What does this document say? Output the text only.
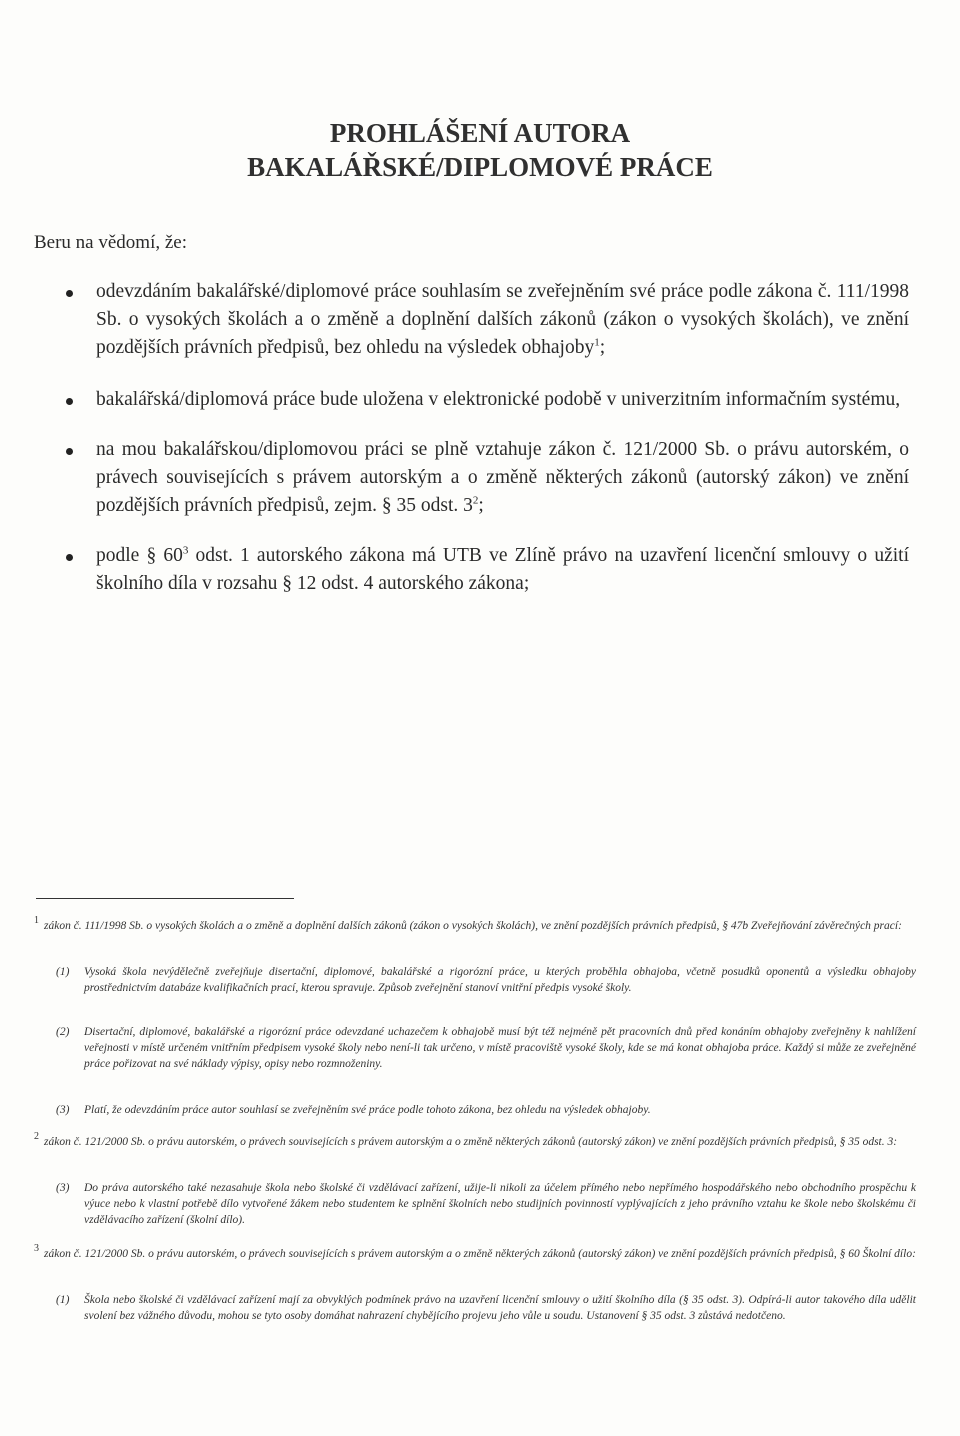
PROHLÁŠENÍ AUTORA
BAKALÁŘSKÉ/DIPLOMOVÉ PRÁCE

Beru na vědomí, že:

odevzdáním bakalářské/diplomové práce souhlasím se zveřejněním své práce podle zákona č. 111/1998 Sb. o vysokých školách a o změně a doplnění dalších zákonů (zákon o vysokých školách), ve znění pozdějších právních předpisů, bez ohledu na výsledek obhajoby$^1$;
bakalářská/diplomová práce bude uložena v elektronické podobě v univerzitním informačním systému,
na mou bakalářskou/diplomovou práci se plně vztahuje zákon č. 121/2000 Sb. o právu autorském, o právech souvisejících s právem autorským a o změně některých zákonů (autorský zákon) ve znění pozdějších právních předpisů, zejm. § 35 odst. $3^2$;
podle § $60^3$ odst. 1 autorského zákona má UTB ve Zlíně právo na uzavření licenční smlouvy o užití školního díla v rozsahu § 12 odst. 4 autorského zákona;
1 zákon č. 111/1998 Sb. o vysokých školách a o změně a doplnění dalších zákonů (zákon o vysokých školách), ve znění pozdějších právních předpisů, § 47b Zveřejňování závěrečných prací:

(1)	Vysoká škola nevýdělečně zveřejňuje disertační, diplomové, bakalářské a rigorózní práce, u kterých proběhla obhajoba, včetně posudků oponentů a výsledku obhajoby prostřednictvím databáze kvalifikačních prací, kterou spravuje. Způsob zveřejnění stanoví vnitřní předpis vysoké školy.
(2)	Disertační, diplomové, bakalářské a rigorózní práce odevzdané uchazečem k obhajobě musí být též nejméně pět pracovních dnů před konáním obhajoby zveřejněny k nahlížení veřejnosti v místě určeném vnitřním předpisem vysoké školy nebo není-li tak určeno, v místě pracoviště vysoké školy, kde se má konat obhajoba práce. Každý si může ze zveřejněné práce pořizovat na své náklady výpisy, opisy nebo rozmnoženiny.
(3)	Platí, že odevzdáním práce autor souhlasí se zveřejněním své práce podle tohoto zákona, bez ohledu na výsledek obhajoby.
2 zákon č. 121/2000 Sb. o právu autorském, o právech souvisejících s právem autorským a o změně některých zákonů (autorský zákon) ve znění pozdějších právních předpisů, § 35 odst. 3:

(3)	Do práva autorského také nezasahuje škola nebo školské či vzdělávací zařízení, užije-li nikoli za účelem přímého nebo nepřímého hospodářského nebo obchodního prospěchu k výuce nebo k vlastní potřebě dílo vytvořené žákem nebo studentem ke splnění školních nebo studijních povinností vyplývajících z jeho právního vztahu ke škole nebo školskému či vzdělávacího zařízení (školní dílo).
3 zákon č. 121/2000 Sb. o právu autorském, o právech souvisejících s právem autorským a o změně některých zákonů (autorský zákon) ve znění pozdějších právních předpisů, § 60 Školní dílo:

(1)	Škola nebo školské či vzdělávací zařízení mají za obvyklých podmínek právo na uzavření licenční smlouvy o užití školního díla (§ 35 odst. 3). Odpírá-li autor takového díla udělit svolení bez vážného důvodu, mohou se tyto osoby domáhat nahrazení chybějícího projevu jeho vůle u soudu. Ustanovení § 35 odst. 3 zůstává nedotčeno.
